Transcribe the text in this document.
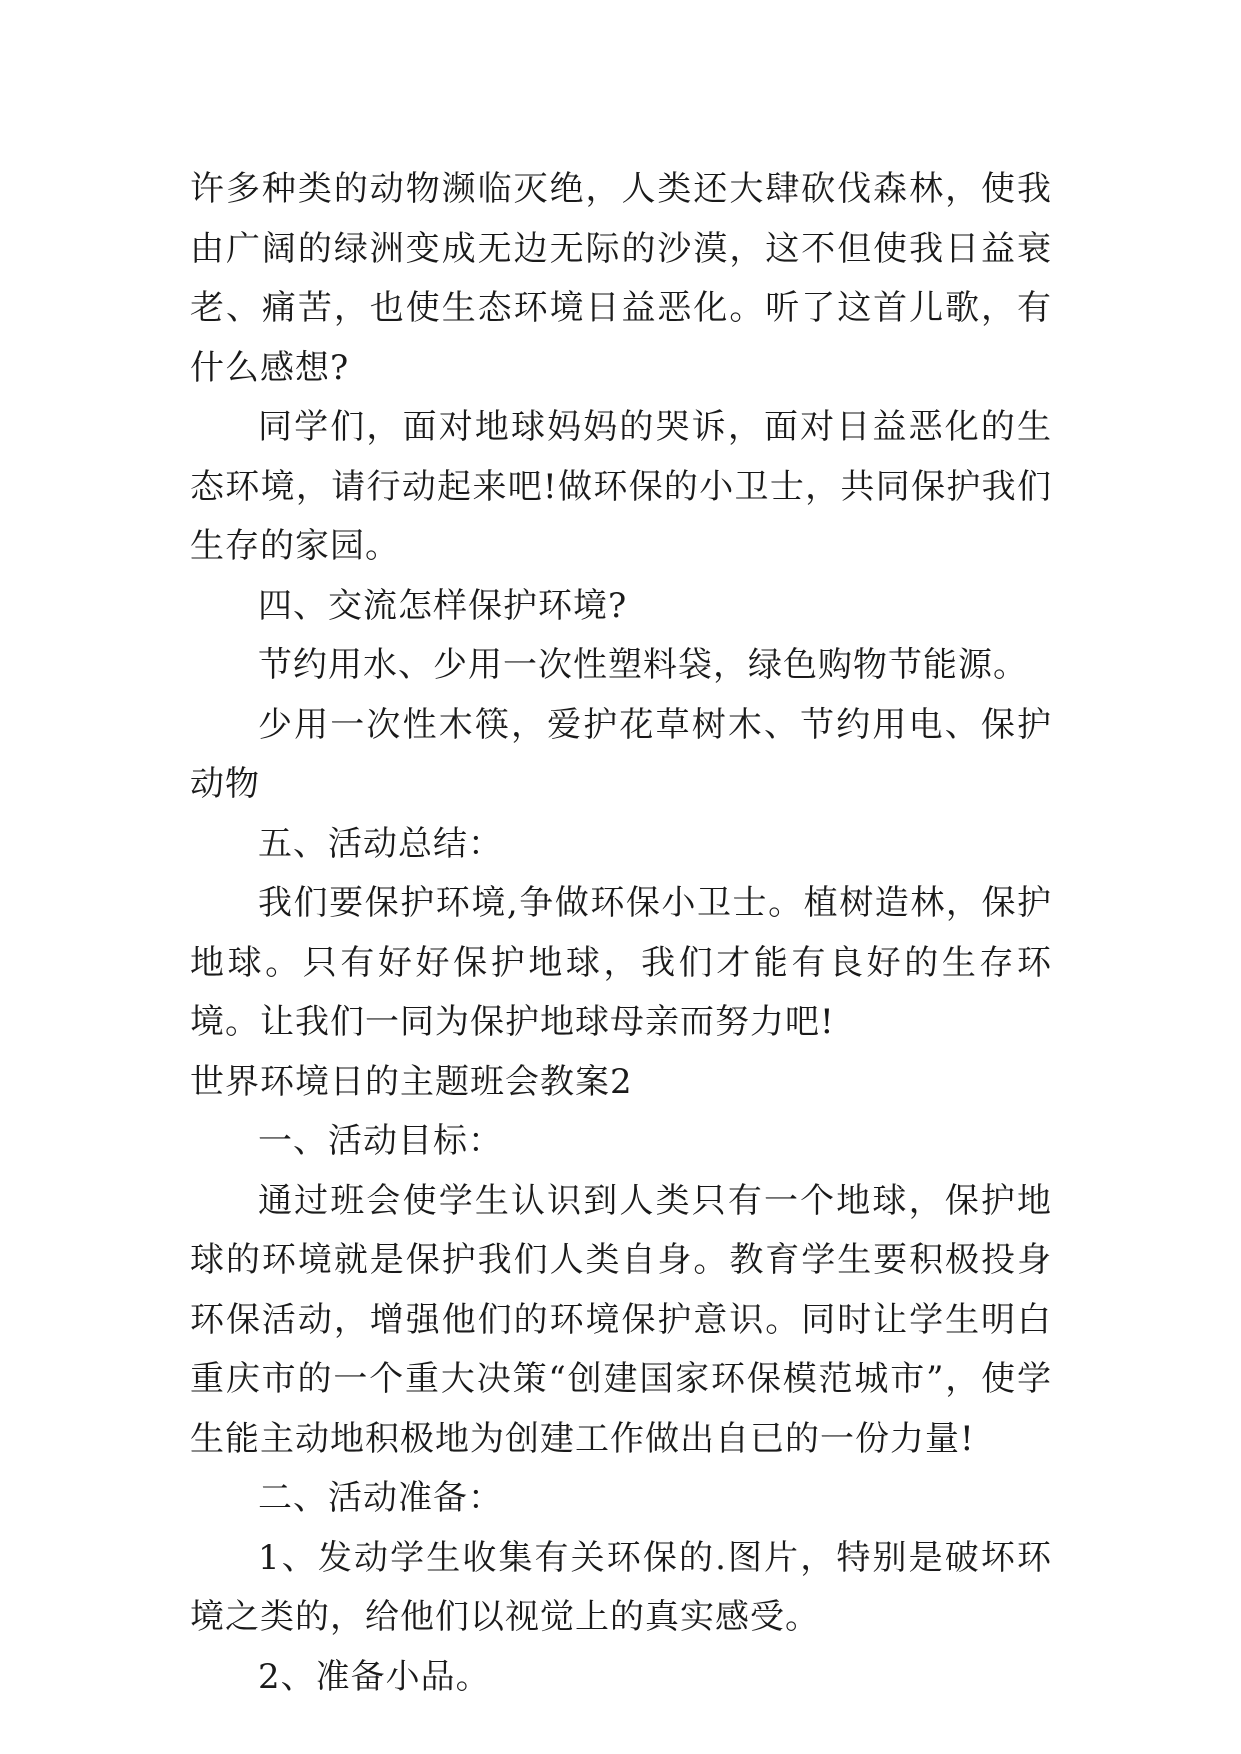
许多种类的动物濒临灭绝，人类还大肆砍伐森林，使我由广阔的绿洲变成无边无际的沙漠，这不但使我日益衰老、痛苦，也使生态环境日益恶化。听了这首儿歌，有什么感想?

同学们，面对地球妈妈的哭诉，面对日益恶化的生态环境，请行动起来吧!做环保的小卫士，共同保护我们生存的家园。

四、交流怎样保护环境?

节约用水、少用一次性塑料袋，绿色购物节能源。

少用一次性木筷，爱护花草树木、节约用电、保护动物

五、活动总结：

我们要保护环境,争做环保小卫士。植树造林，保护地球。只有好好保护地球，我们才能有良好的生存环境。让我们一同为保护地球母亲而努力吧!

世界环境日的主题班会教案2

一、活动目标：

通过班会使学生认识到人类只有一个地球，保护地球的环境就是保护我们人类自身。教育学生要积极投身环保活动，增强他们的环境保护意识。同时让学生明白重庆市的一个重大决策“创建国家环保模范城市”，使学生能主动地积极地为创建工作做出自已的一份力量!

二、活动准备：

1、发动学生收集有关环保的.图片，特别是破坏环境之类的，给他们以视觉上的真实感受。

2、准备小品。
